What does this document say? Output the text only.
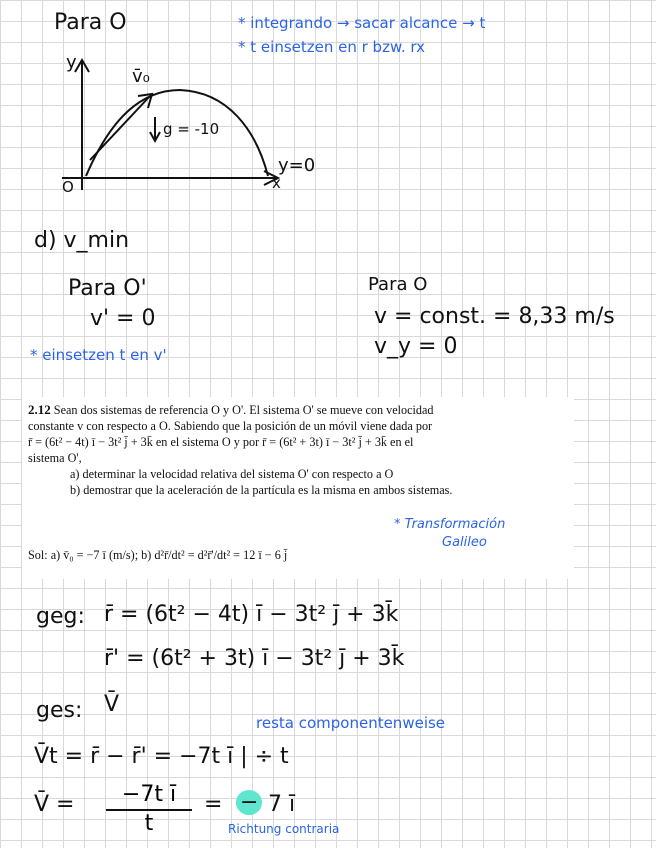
Para O	* integrando → sacar alcance → t
* t einsetzen en r bzw. rx
y
v̄₀
g = -10
O	x
y=0
d) v_min
Para O'
v' = 0
Para O
v = const. = 8,33 m/s
v_y = 0
* einsetzen t en v'
2.12 Sean dos sistemas de referencia O y O'. El sistema O' se mueve con velocidad
constante v con respecto a O. Sabiendo que la posición de un móvil viene dada por
r̄ = (6t² − 4t) ī − 3t² j̄ + 3k̄ en el sistema O y por r̄ = (6t² + 3t) ī − 3t² j̄ + 3k̄ en el
sistema O',
a) determinar la velocidad relativa del sistema O' con respecto a O
b) demostrar que la aceleración de la partícula es la misma en ambos sistemas.
* Transformación
Galileo
Sol: a) v̄₀ = −7 ī (m/s); b) d²r̄/dt² = d²r̄'/dt² = 12 ī − 6 j̄
geg: r̄ = (6t² − 4t) ī − 3t² j̄ + 3k̄
r̄' = (6t² + 3t) ī − 3t² j̄ + 3k̄
ges: V̄
resta componentenweise
V̄t = r̄ − r̄' = −7t ī | ÷ t
V̄ = $\frac{\text{−7t ī}}{t}$ = − 7 ī
Richtung contraria
